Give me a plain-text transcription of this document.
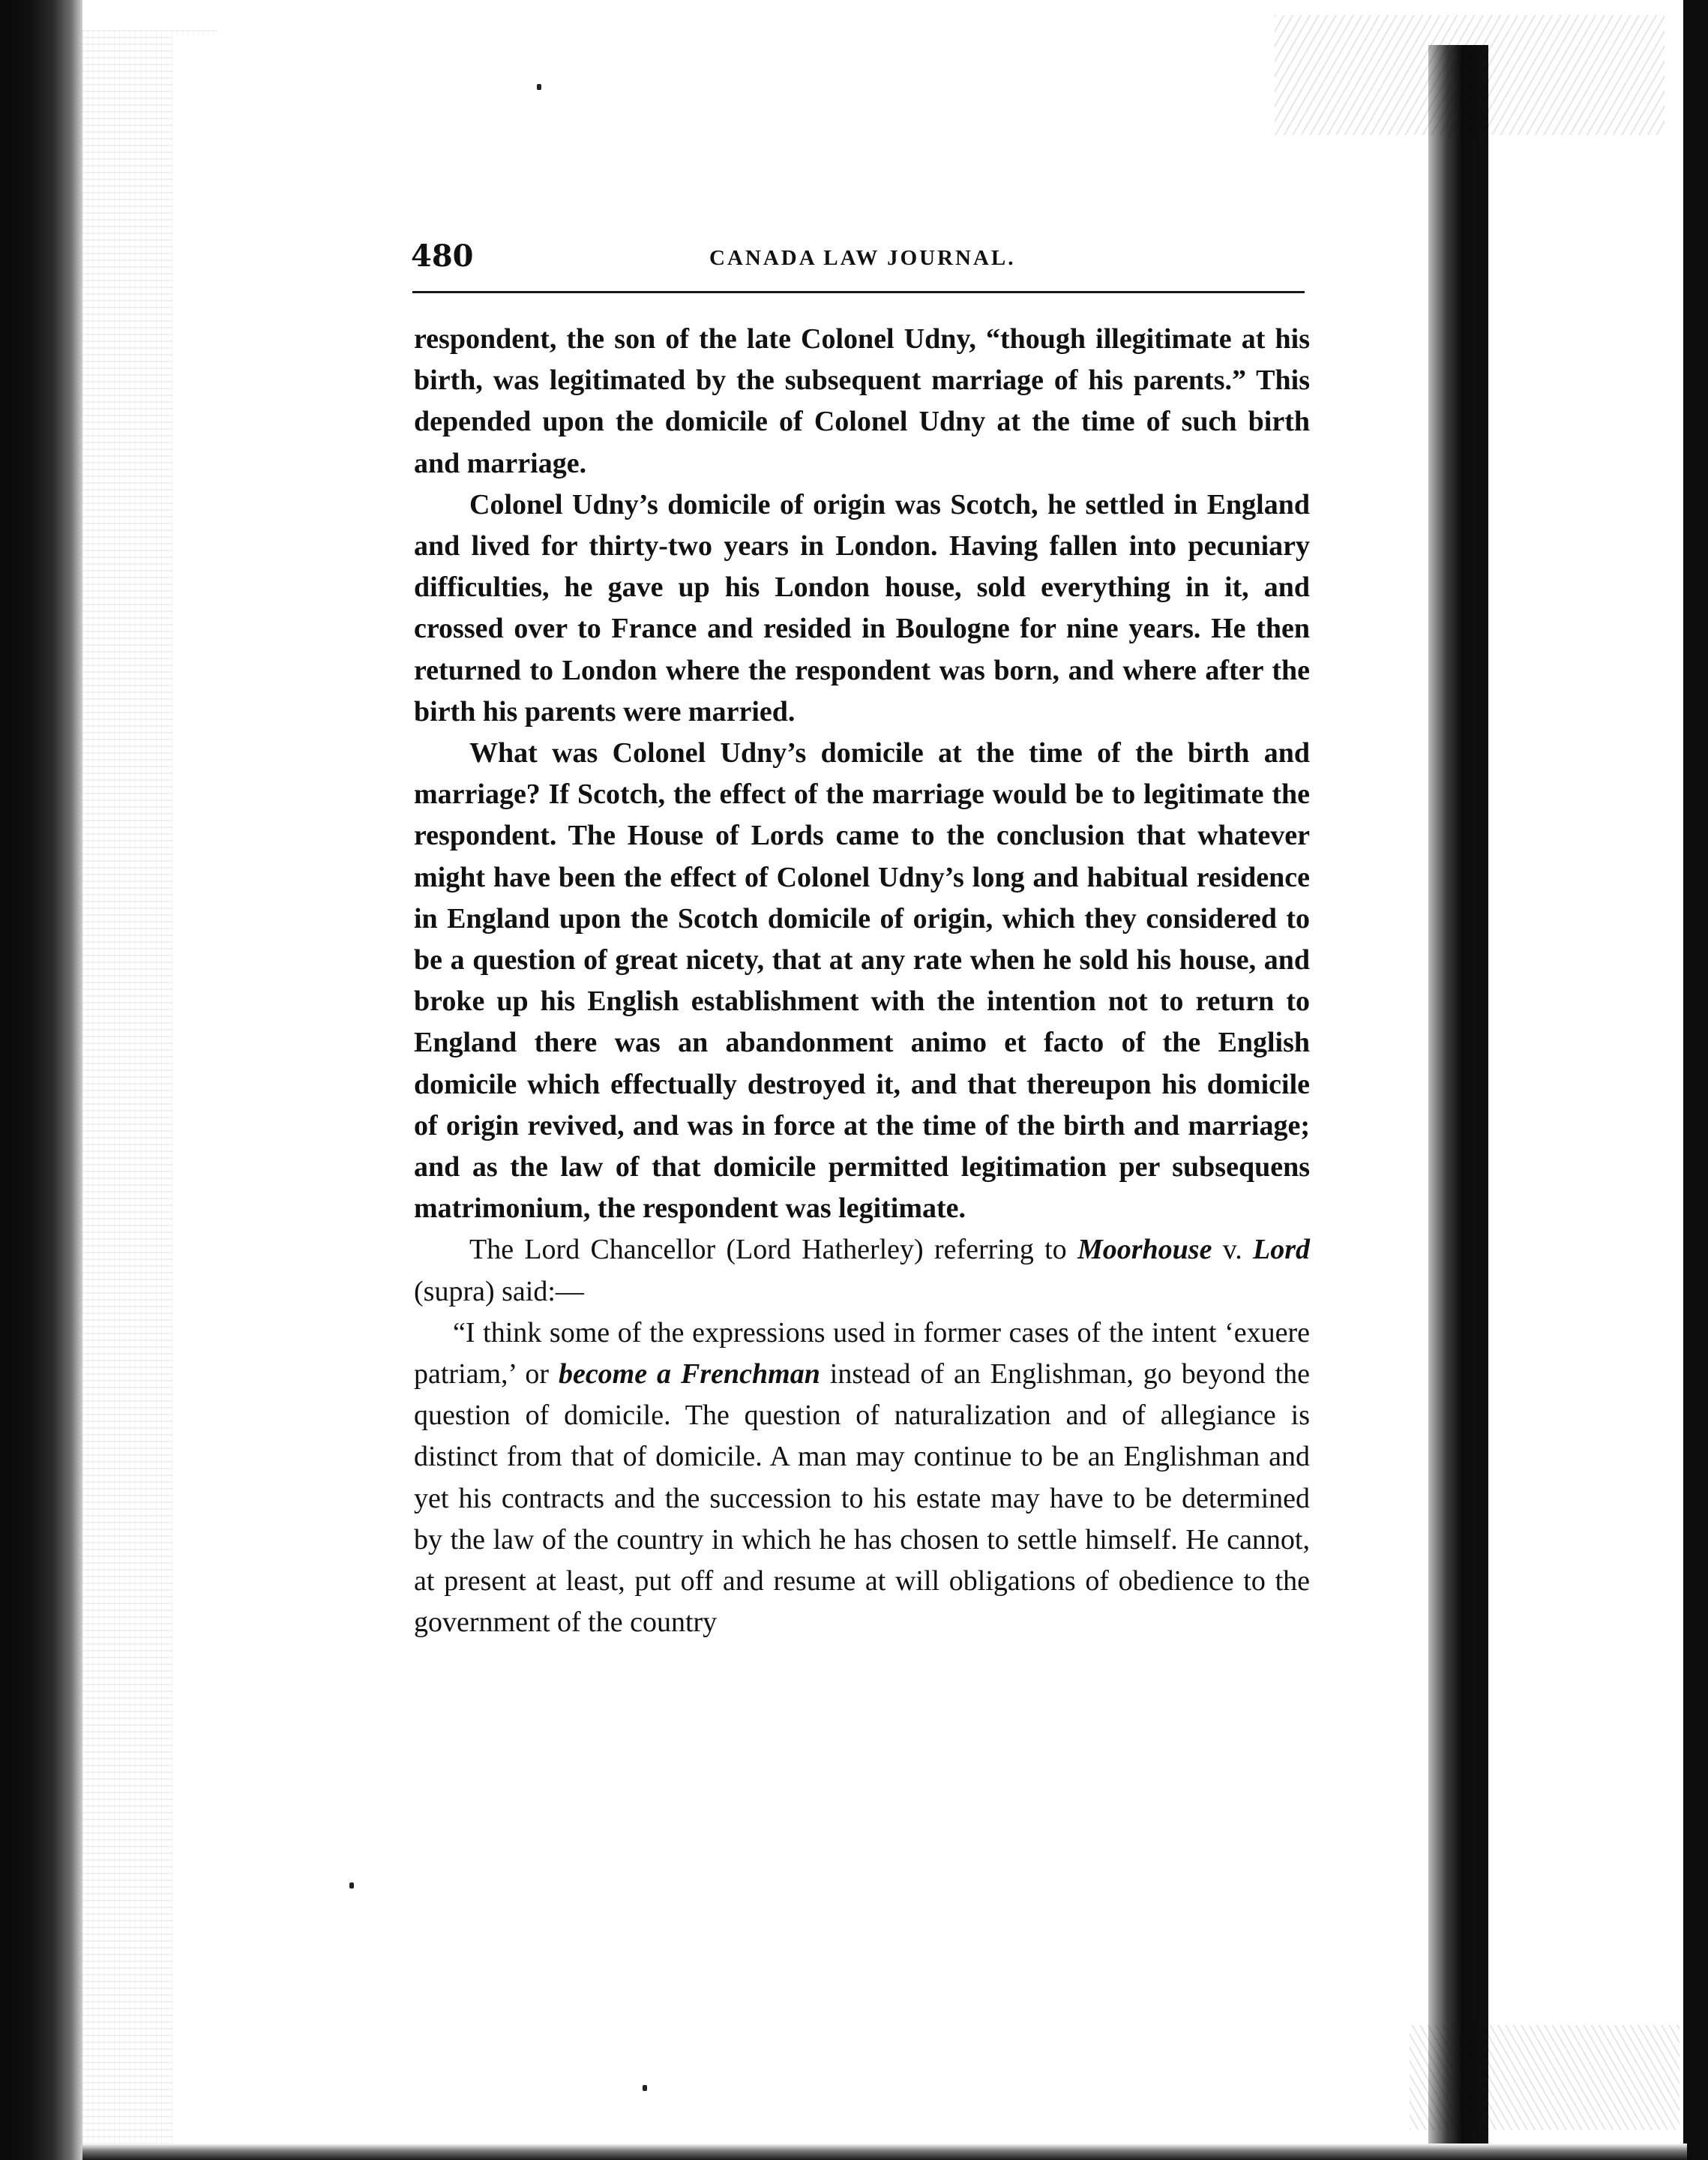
480	CANADA LAW JOURNAL.

respondent, the son of the late Colonel Udny, “though illegitimate at his birth, was legitimated by the subsequent marriage of his parents.” This depended upon the domicile of Colonel Udny at the time of such birth and marriage.

Colonel Udny’s domicile of origin was Scotch, he settled in England and lived for thirty-two years in London. Having fallen into pecuniary difficulties, he gave up his London house, sold everything in it, and crossed over to France and resided in Boulogne for nine years. He then returned to London where the respondent was born, and where after the birth his parents were married.

What was Colonel Udny’s domicile at the time of the birth and marriage? If Scotch, the effect of the marriage would be to legitimate the respondent. The House of Lords came to the conclusion that whatever might have been the effect of Colonel Udny’s long and habitual residence in England upon the Scotch domicile of origin, which they considered to be a question of great nicety, that at any rate when he sold his house, and broke up his English establishment with the intention not to return to England there was an abandonment animo et facto of the English domicile which effectually destroyed it, and that thereupon his domicile of origin revived, and was in force at the time of the birth and marriage; and as the law of that domicile permitted legitimation per subsequens matrimonium, the respondent was legitimate.

The Lord Chancellor (Lord Hatherley) referring to Moorhouse v. Lord (supra) said:—

“I think some of the expressions used in former cases of the intent ‘exuere patriam,’ or become a Frenchman instead of an Englishman, go beyond the question of domicile. The question of naturalization and of allegiance is distinct from that of domicile. A man may continue to be an Englishman and yet his contracts and the succession to his estate may have to be determined by the law of the country in which he has chosen to settle himself. He cannot, at present at least, put off and resume at will obligations of obedience to the government of the country
